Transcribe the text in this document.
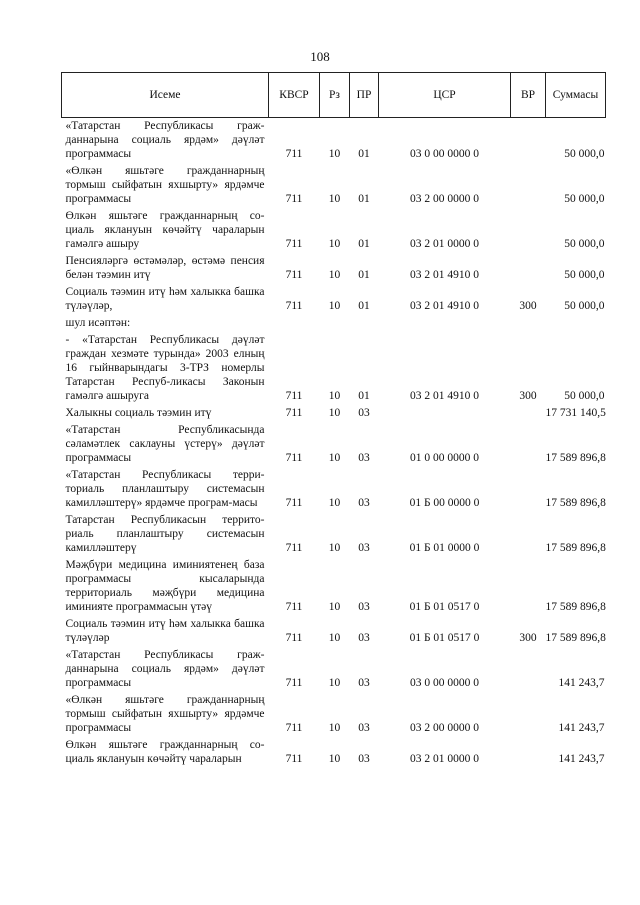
108
Исеме	КВСР	Рз	ПР	ЦСР	ВР	Суммасы
«Татарстан Республикасы граж-даннарына социаль ярдәм» дәүләт программасы	711	10	01	03 0 00 0000 0		50 000,0
«Өлкән яшьтәге гражданнарның тормыш сыйфатын яхшырту» ярдәмче программасы	711	10	01	03 2 00 0000 0		50 000,0
Өлкән яшьтәге гражданнарның со-циаль яклануын көчәйтү чараларын гамәлгә ашыру	711	10	01	03 2 01 0000 0		50 000,0
Пенсияләргә өстәмәләр, өстәмә пенсия белән тәэмин итү	711	10	01	03 2 01 4910 0		50 000,0
Социаль тәэмин итү һәм халыкка башка түләүләр,	711	10	01	03 2 01 4910 0	300	50 000,0
шул исәптән:						
- «Татарстан Республикасы дәүләт граждан хезмәте турында» 2003 елның 16 гыйнварындагы 3-ТРЗ номерлы Татарстан Респуб-ликасы Законын гамәлгә ашыруга	711	10	01	03 2 01 4910 0	300	50 000,0
Халыкны социаль тәэмин итү	711	10	03			17 731 140,5
«Татарстан Республикасында сәламәтлек саклауны үстерү» дәүләт программасы	711	10	03	01 0 00 0000 0		17 589 896,8
«Татарстан Республикасы терри-ториаль планлаштыру системасын камилләштерү» ярдәмче програм-масы	711	10	03	01 Б 00 0000 0		17 589 896,8
Татарстан Республикасын террито-риаль планлаштыру системасын камилләштерү	711	10	03	01 Б 01 0000 0		17 589 896,8
Мәҗбүри медицина иминиятенең база программасы кысаларында территориаль мәҗбүри медицина иминияте программасын үтәү	711	10	03	01 Б 01 0517 0		17 589 896,8
Социаль тәэмин итү һәм халыкка башка түләүләр	711	10	03	01 Б 01 0517 0	300	17 589 896,8
«Татарстан Республикасы граж-даннарына социаль ярдәм» дәүләт программасы	711	10	03	03 0 00 0000 0		141 243,7
«Өлкән яшьтәге гражданнарның тормыш сыйфатын яхшырту» ярдәмче программасы	711	10	03	03 2 00 0000 0		141 243,7
Өлкән яшьтәге гражданнарның со-циаль яклануын көчәйтү чараларын	711	10	03	03 2 01 0000 0		141 243,7
